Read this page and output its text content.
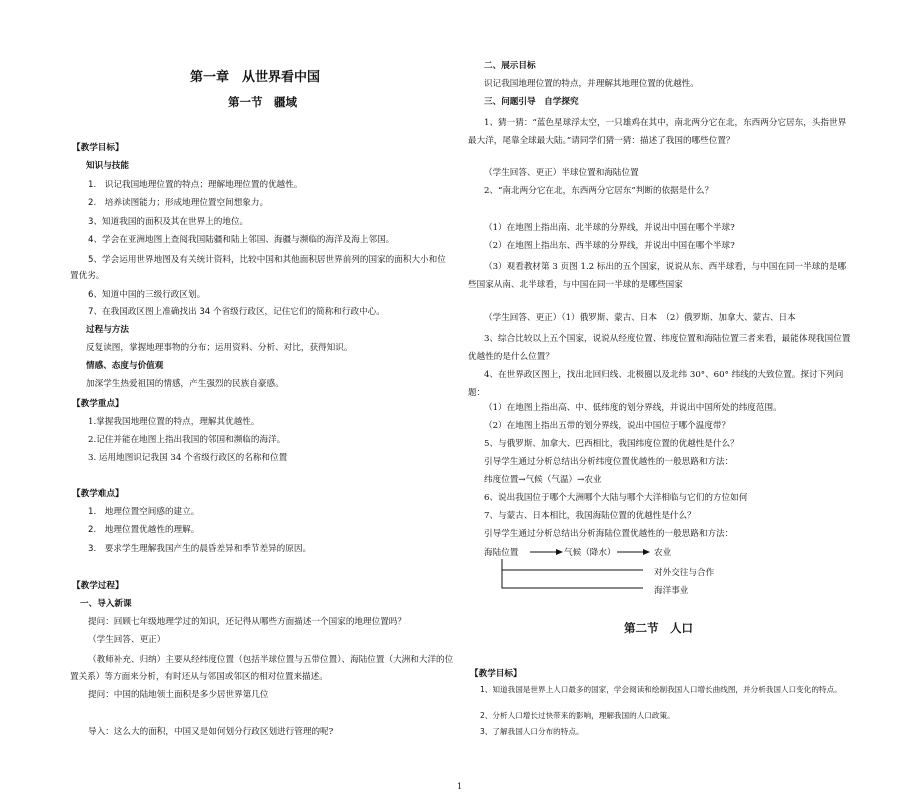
第一章　从世界看中国
第一节　疆域
【教学目标】
知识与技能
1.　识记我国地理位置的特点；理解地理位置的优越性。
2.　培养读图能力；形成地理位置空间想象力。
3、知道我国的面积及其在世界上的地位。
4、学会在亚洲地图上查阅我国陆疆和陆上邻国、海疆与濒临的海洋及海上邻国。
5、学会运用世界地图及有关统计资料，比较中国和其他面积居世界前列的国家的面积大小和位置优劣。
6、知道中国的三级行政区划。
7、在我国政区图上准确找出 34 个省级行政区，记住它们的简称和行政中心。
过程与方法
反复读图，掌握地理事物的分布；运用资料、分析、对比，获得知识。
情感、态度与价值观
加深学生热爱祖国的情感，产生强烈的民族自豪感。
【教学重点】
1.掌握我国地理位置的特点，理解其优越性。
2.记住并能在地图上指出我国的邻国和濒临的海洋。
3. 运用地图识记我国 34 个省级行政区的名称和位置
【教学难点】
1.　地理位置空间感的建立。
2.　地理位置优越性的理解。
3.　要求学生理解我国产生的晨昏差异和季节差异的原因。
【教学过程】
一、导入新课
提问：回顾七年级地理学过的知识，还记得从哪些方面描述一个国家的地理位置吗？
（学生回答、更正）
（教师补充、归纳）主要从经纬度位置（包括半球位置与五带位置）、海陆位置（大洲和大洋的位置关系）等方面来分析，有时还从与邻国或邻区的相对位置来描述。
提问：中国的陆地领土面积是多少居世界第几位
导入：这么大的面积，中国又是如何划分行政区划进行管理的呢?
二、展示目标
识记我国地理位置的特点，并理解其地理位置的优越性。
三、问题引导　自学探究
1、猜一猜：“蓝色星球浮太空，一只雄鸡在其中，南北两分它在北，东西两分它居东，头指世界最大洋，尾靠全球最大陆。”请同学们猜一猜：描述了我国的哪些位置？
（学生回答、更正）半球位置和海陆位置
2、“南北两分它在北，东西两分它居东”判断的依据是什么？
（1）在地图上指出南、北半球的分界线，并说出中国在哪个半球?
（2）在地图上指出东、西半球的分界线，并说出中国在哪个半球?
（3）观看教材第 3 页图 1.2 标出的五个国家，说说从东、西半球看，与中国在同一半球的是哪些国家从南、北半球看，与中国在同一半球的是哪些国家
（学生回答、更正）（1）俄罗斯、蒙古、日本　（2）俄罗斯、加拿大、蒙古、日本
3、综合比较以上五个国家，说说从经度位置、纬度位置和海陆位置三者来看，最能体现我国位置优越性的是什么位置？
4、在世界政区图上，找出北回归线、北极圈以及北纬 30°、60° 纬线的大致位置。探讨下列问题：
（1）在地图上指出高、中、低纬度的划分界线，并说出中国所处的纬度范围。
（2）在地图上指出五带的划分界线，说出中国位于哪个温度带？
5、与俄罗斯、加拿大、巴西相比，我国纬度位置的优越性是什么？
引导学生通过分析总结出分析纬度位置优越性的一般思路和方法：
纬度位置→气候（气温）→农业
6、说出我国位于哪个大洲哪个大陆与哪个大洋相临与它们的方位如何
7、与蒙古、日本相比，我国海陆位置的优越性是什么？
引导学生通过分析总结出分析海陆位置优越性的一般思路和方法：
海陆位置	气候（降水）	农业
对外交往与合作
海洋事业
第二节　人口
【教学目标】
1、知道我国是世界上人口最多的国家，学会阅读和绘制我国人口增长曲线图，并分析我国人口变化的特点。
2、分析人口增长过快带来的影响，理解我国的人口政策。
3、了解我国人口分布的特点。
1
